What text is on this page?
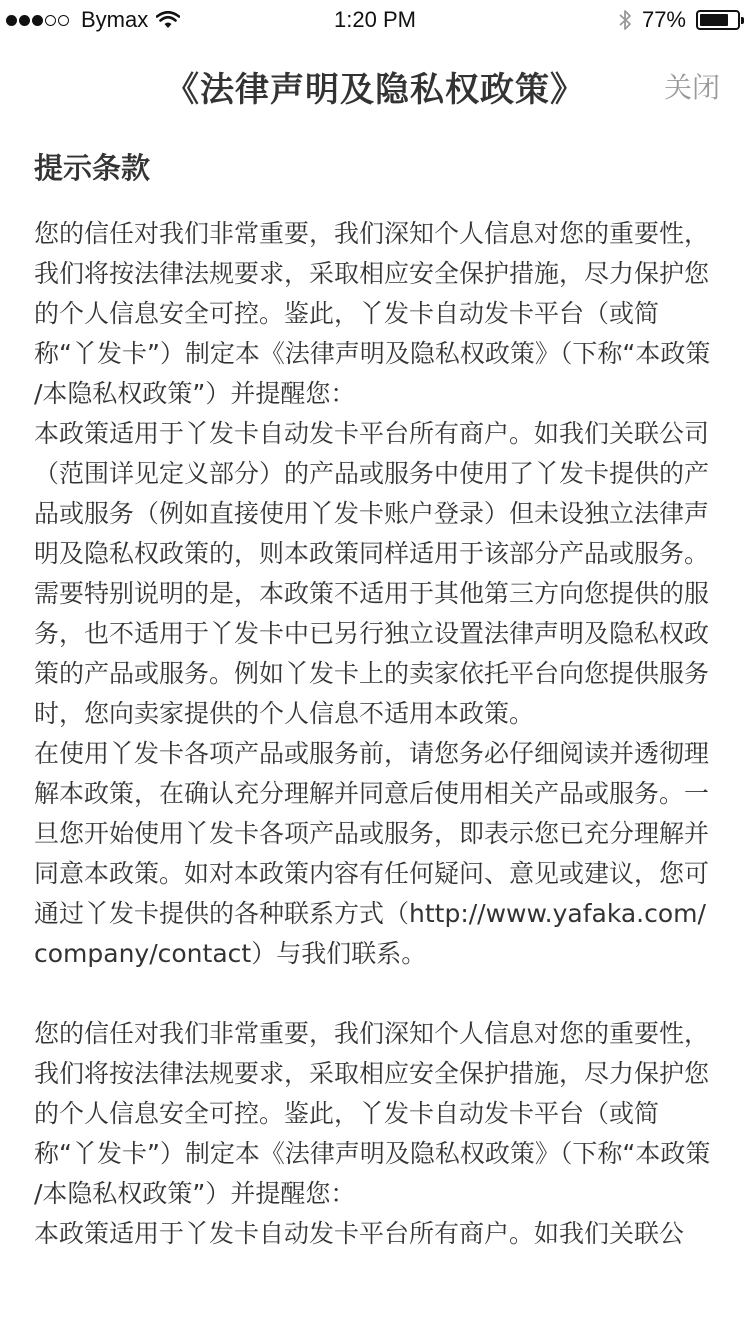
Bymax	1:20 PM	77%
《法律声明及隐私权政策》	关闭
提示条款

您的信任对我们非常重要，我们深知个人信息对您的重要性，我们将按法律法规要求，采取相应安全保护措施，尽力保护您的个人信息安全可控。鉴此，丫发卡自动发卡平台（或简称“丫发卡”）制定本《法律声明及隐私权政策》（下称“本政策 /本隐私权政策”）并提醒您：

本政策适用于丫发卡自动发卡平台所有商户。如我们关联公司（范围详见定义部分）的产品或服务中使用了丫发卡提供的产品或服务（例如直接使用丫发卡账户登录）但未设独立法律声明及隐私权政策的，则本政策同样适用于该部分产品或服务。

需要特别说明的是，本政策不适用于其他第三方向您提供的服务，也不适用于丫发卡中已另行独立设置法律声明及隐私权政策的产品或服务。例如丫发卡上的卖家依托平台向您提供服务时，您向卖家提供的个人信息不适用本政策。

在使用丫发卡各项产品或服务前，请您务必仔细阅读并透彻理解本政策，在确认充分理解并同意后使用相关产品或服务。一旦您开始使用丫发卡各项产品或服务，即表示您已充分理解并同意本政策。如对本政策内容有任何疑问、意见或建议，您可通过丫发卡提供的各种联系方式（http://www.yafaka.com/company/contact）与我们联系。

您的信任对我们非常重要，我们深知个人信息对您的重要性，我们将按法律法规要求，采取相应安全保护措施，尽力保护您的个人信息安全可控。鉴此，丫发卡自动发卡平台（或简称“丫发卡”）制定本《法律声明及隐私权政策》（下称“本政策 /本隐私权政策”）并提醒您：

本政策适用于丫发卡自动发卡平台所有商户。如我们关联公
